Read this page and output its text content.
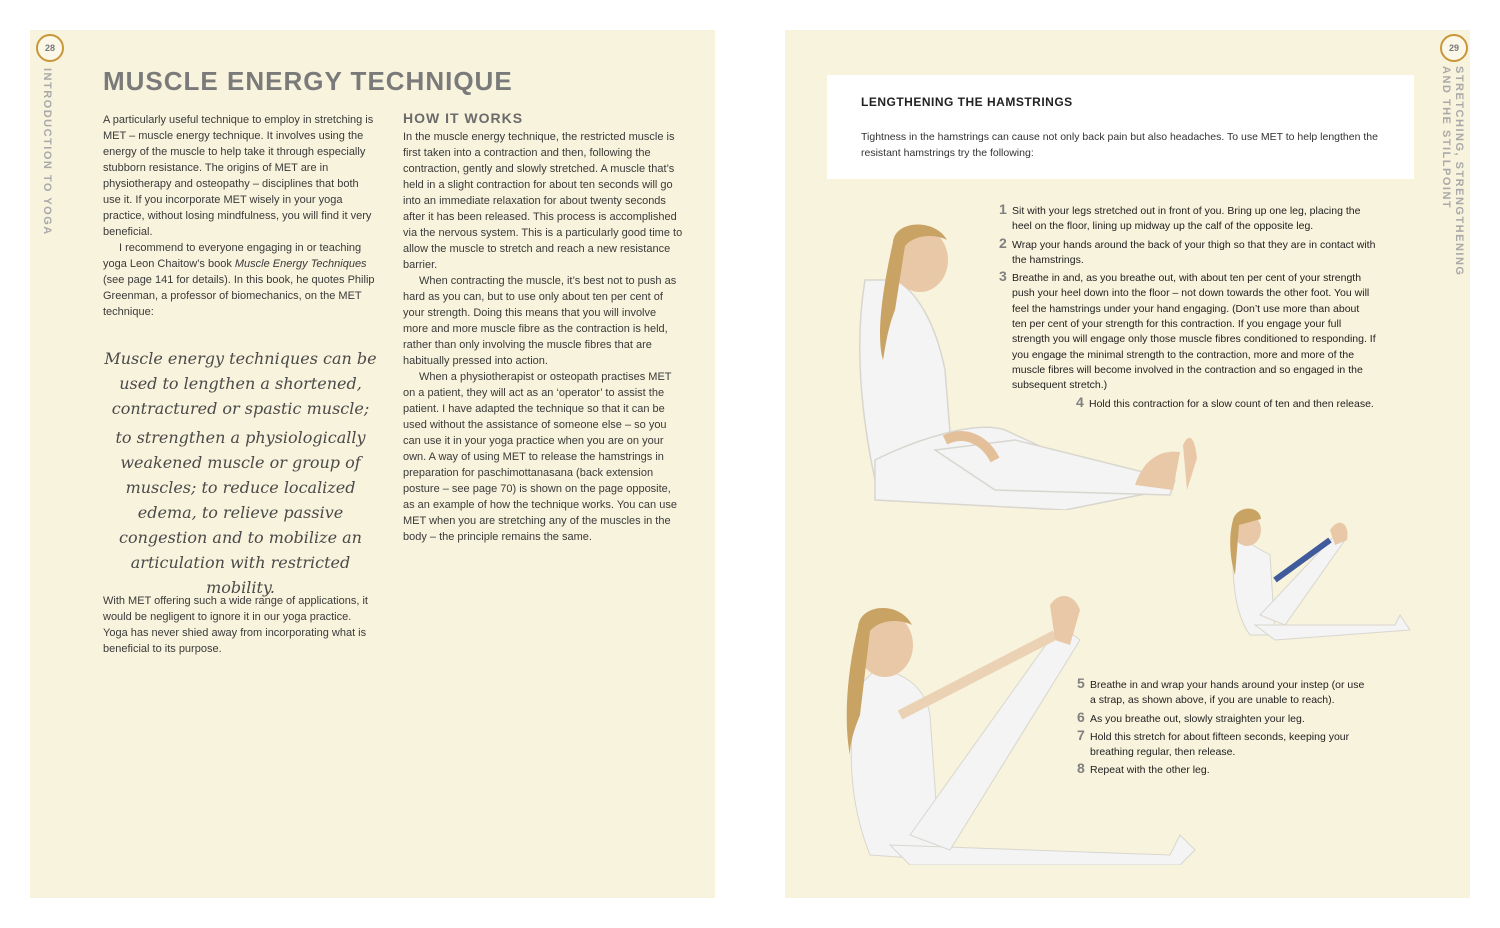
28
INTRODUCTION TO YOGA MUSCLE ENERGY TECHNIQUE

A particularly useful technique to employ in stretching is MET – muscle energy technique. It involves using the energy of the muscle to help take it through especially stubborn resistance. The origins of MET are in physiotherapy and osteopathy – disciplines that both use it. If you incorporate MET wisely in your yoga practice, without losing mindfulness, you will find it very beneficial.

I recommend to everyone engaging in or teaching yoga Leon Chaitow’s book Muscle Energy Techniques (see page 141 for details). In this book, he quotes Philip Greenman, a professor of biomechanics, on the MET technique:

Muscle energy techniques can be used to lengthen a shortened, contractured or spastic muscle;

to strengthen a physiologically weakened muscle or group of muscles; to reduce localized edema, to relieve passive congestion and to mobilize an articulation with restricted mobility.

With MET offering such a wide range of applications, it would be negligent to ignore it in our yoga practice. Yoga has never shied away from incorporating what is beneficial to its purpose.
HOW IT WORKS

In the muscle energy technique, the restricted muscle is first taken into a contraction and then, following the contraction, gently and slowly stretched. A muscle that’s held in a slight contraction for about ten seconds will go into an immediate relaxation for about twenty seconds after it has been released. This process is accomplished via the nervous system. This is a particularly good time to allow the muscle to stretch and reach a new resistance barrier.

When contracting the muscle, it’s best not to push as hard as you can, but to use only about ten per cent of your strength. Doing this means that you will involve more and more muscle fibre as the contraction is held, rather than only involving the muscle fibres that are habitually pressed into action.

When a physiotherapist or osteopath practises MET on a patient, they will act as an ‘operator’ to assist the patient. I have adapted the technique so that it can be used without the assistance of someone else – so you can use it in your yoga practice when you are on your own. A way of using MET to release the hamstrings in preparation for paschimottanasana (back extension posture – see page 70) is shown on the page opposite, as an example of how the technique works. You can use MET when you are stretching any of the muscles in the body – the principle remains the same.

29
STRETCHING, STRENGTHENING AND THE STILLPOINT
LENGTHENING THE HAMSTRINGS
Tightness in the hamstrings can cause not only back pain but also headaches. To use MET to help lengthen the resistant hamstrings try the following:
1 Sit with your legs stretched out in front of you. Bring up one leg, placing the heel on the floor, lining up midway up the calf of the opposite leg.
2 Wrap your hands around the back of your thigh so that they are in contact with the hamstrings.
3 Breathe in and, as you breathe out, with about ten per cent of your strength push your heel down into the floor – not down towards the other foot. You will feel the hamstrings under your hand engaging. (Don’t use more than about ten per cent of your strength for this contraction. If you engage your full strength you will engage only those muscle fibres conditioned to responding. If you engage the minimal strength to the contraction, more and more of the muscle fibres will become involved in the contraction and so engaged in the subsequent stretch.)
4 Hold this contraction for a slow count of ten and then release.
5 Breathe in and wrap your hands around your instep (or use a strap, as shown above, if you are unable to reach).
6 As you breathe out, slowly straighten your leg.
7 Hold this stretch for about fifteen seconds, keeping your breathing regular, then release.
8 Repeat with the other leg.
